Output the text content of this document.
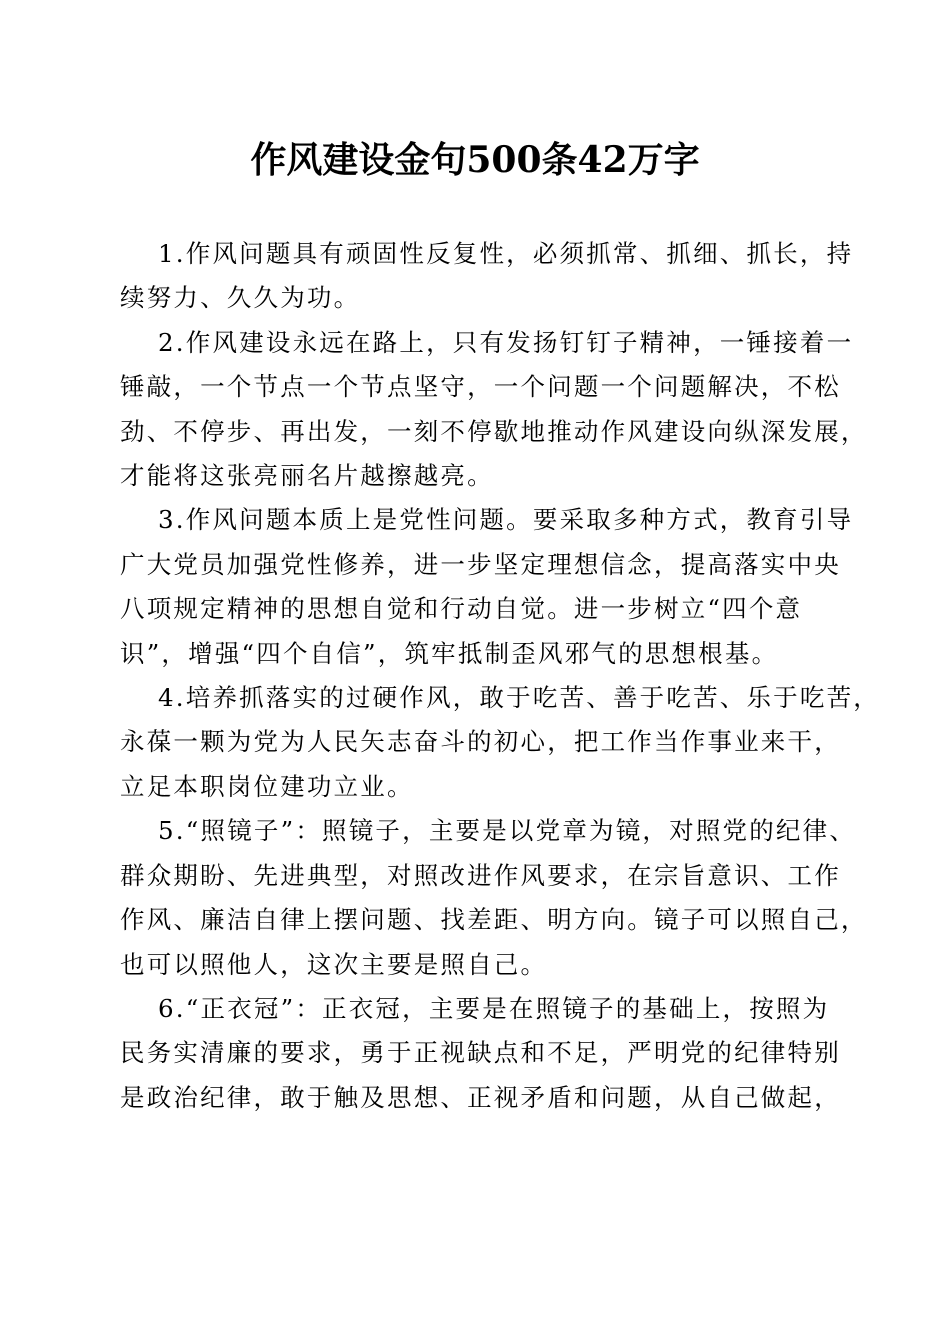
作风建设金句500条42万字

1.作风问题具有顽固性反复性，必须抓常、抓细、抓长，持
续努力、久久为功。

2.作风建设永远在路上，只有发扬钉钉子精神，一锤接着一
锤敲，一个节点一个节点坚守，一个问题一个问题解决，不松
劲、不停步、再出发，一刻不停歇地推动作风建设向纵深发展，
才能将这张亮丽名片越擦越亮。

3.作风问题本质上是党性问题。要采取多种方式，教育引导
广大党员加强党性修养，进一步坚定理想信念，提高落实中央
八项规定精神的思想自觉和行动自觉。进一步树立“四个意
识”，增强“四个自信”，筑牢抵制歪风邪气的思想根基。

4.培养抓落实的过硬作风，敢于吃苦、善于吃苦、乐于吃苦，
永葆一颗为党为人民矢志奋斗的初心，把工作当作事业来干，
立足本职岗位建功立业。

5.“照镜子”：照镜子，主要是以党章为镜，对照党的纪律、
群众期盼、先进典型，对照改进作风要求，在宗旨意识、工作
作风、廉洁自律上摆问题、找差距、明方向。镜子可以照自己，
也可以照他人，这次主要是照自己。

6.“正衣冠”：正衣冠，主要是在照镜子的基础上，按照为
民务实清廉的要求，勇于正视缺点和不足，严明党的纪律特别
是政治纪律，敢于触及思想、正视矛盾和问题，从自己做起，
